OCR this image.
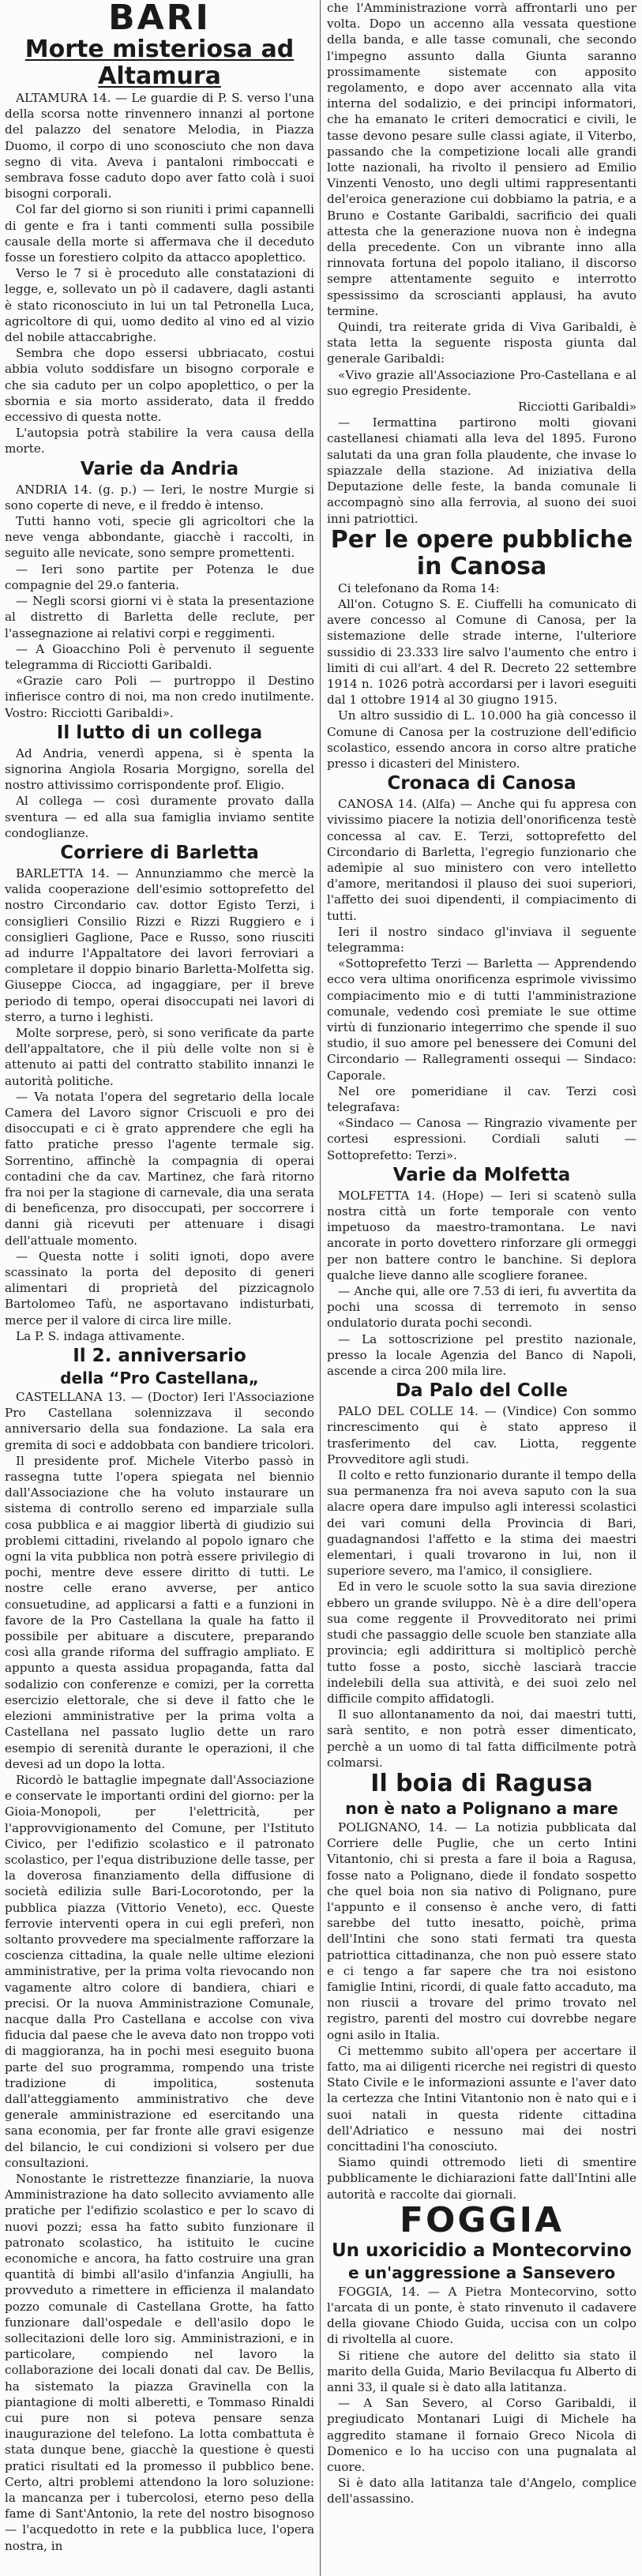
BARI
Morte misteriosa ad Altamura

ALTAMURA 14. — Le guardie di P. S. verso l'una della scorsa notte rinvennero innanzi al portone del palazzo del senatore Melodia, in Piazza Duomo, il corpo di uno sconosciuto che non dava segno di vita. Aveva i pantaloni rimboccati e sembrava fosse caduto dopo aver fatto colà i suoi bisogni corporali.

Col far del giorno si son riuniti i primi capannelli di gente e fra i tanti commenti sulla possibile causale della morte si affermava che il deceduto fosse un forestiero colpito da attacco apoplettico.

Verso le 7 si è proceduto alle constatazioni di legge, e, sollevato un pò il cadavere, dagli astanti è stato riconosciuto in lui un tal Petronella Luca, agricoltore di qui, uomo dedito al vino ed al vizio del nobile attaccabrighe.

Sembra che dopo essersi ubbriacato, costui abbia voluto soddisfare un bisogno corporale e che sia caduto per un colpo apoplettico, o per la sbornia e sia morto assiderato, data il freddo eccessivo di questa notte.

L'autopsia potrà stabilire la vera causa della morte.

Varie da Andria

ANDRIA 14. (g. p.) — Ieri, le nostre Murgie si sono coperte di neve, e il freddo è intenso.

Tutti hanno voti, specie gli agricoltori che la neve venga abbondante, giacchè i raccolti, in seguito alle nevicate, sono sempre promettenti.

— Ieri sono partite per Potenza le due compagnie del 29.o fanteria.

— Negli scorsi giorni vi è stata la presentazione al distretto di Barletta delle reclute, per l'assegnazione ai relativi corpi e reggimenti.

— A Gioacchino Poli è pervenuto il seguente telegramma di Ricciotti Garibaldi.

«Grazie caro Poli — purtroppo il Destino infierisce contro di noi, ma non credo inutilmente. Vostro: Ricciotti Garibaldi».

Il lutto di un collega

Ad Andria, venerdì appena, si è spenta la signorina Angiola Rosaria Morgigno, sorella del nostro attivissimo corrispondente prof. Eligio.

Al collega — così duramente provato dalla sventura — ed alla sua famiglia inviamo sentite condoglianze.

Corriere di Barletta

BARLETTA 14. — Annunziammo che mercè la valida cooperazione dell'esimio sottoprefetto del nostro Circondario cav. dottor Egisto Terzi, i consiglieri Consilio Rizzi e Rizzi Ruggiero e i consiglieri Gaglione, Pace e Russo, sono riusciti ad indurre l'Appaltatore dei lavori ferroviari a completare il doppio binario Barletta-Molfetta sig. Giuseppe Ciocca, ad ingaggiare, per il breve periodo di tempo, operai disoccupati nei lavori di sterro, a turno i leghisti.

Molte sorprese, però, si sono verificate da parte dell'appaltatore, che il più delle volte non si è attenuto ai patti del contratto stabilito innanzi le autorità politiche.

— Va notata l'opera del segretario della locale Camera del Lavoro signor Criscuoli e pro dei disoccupati e ci è grato apprendere che egli ha fatto pratiche presso l'agente termale sig. Sorrentino, affinchè la compagnia di operai contadini che da cav. Martinez, che farà ritorno fra noi per la stagione di carnevale, dia una serata di beneficenza, pro disoccupati, per soccorrere i danni già ricevuti per attenuare i disagi dell'attuale momento.

— Questa notte i soliti ignoti, dopo avere scassinato la porta del deposito di generi alimentari di proprietà del pizzicagnolo Bartolomeo Tafù, ne asportavano indisturbati, merce per il valore di circa lire mille.

La P. S. indaga attivamente.

Il 2. anniversario
della “Pro Castellana„

CASTELLANA 13. — (Doctor) Ieri l'Associazione Pro Castellana solennizzava il secondo anniversario della sua fondazione. La sala era gremita di soci e addobbata con bandiere tricolori.

Il presidente prof. Michele Viterbo passò in rassegna tutte l'opera spiegata nel biennio dall'Associazione che ha voluto instaurare un sistema di controllo sereno ed imparziale sulla cosa pubblica e ai maggior libertà di giudizio sui problemi cittadini, rivelando al popolo ignaro che ogni la vita pubblica non potrà essere privilegio di pochi, mentre deve essere diritto di tutti. Le nostre celle erano avverse, per antico consuetudine, ad applicarsi a fatti e a funzioni in favore de la Pro Castellana la quale ha fatto il possibile per abituare a discutere, preparando così alla grande riforma del suffragio ampliato. E appunto a questa assidua propaganda, fatta dal sodalizio con conferenze e comizi, per la corretta esercizio elettorale, che si deve il fatto che le elezioni amministrative per la prima volta a Castellana nel passato luglio dette un raro esempio di serenità durante le operazioni, il che devesi ad un dopo la lotta.

Ricordò le battaglie impegnate dall'Associazione e conservate le importanti ordini del giorno: per la Gioia-Monopoli, per l'elettricità, per l'approvvigionamento del Comune, per l'Istituto Civico, per l'edifizio scolastico e il patronato scolastico, per l'equa distribuzione delle tasse, per la doverosa finanziamento della diffusione di società edilizia sulle Bari-Locorotondo, per la pubblica piazza (Vittorio Veneto), ecc. Queste ferrovie interventi opera in cui egli preferì, non soltanto provvedere ma specialmente rafforzare la coscienza cittadina, la quale nelle ultime elezioni amministrative, per la prima volta rievocando non vagamente altro colore di bandiera, chiari e precisi. Or la nuova Amministrazione Comunale, nacque dalla Pro Castellana e accolse con viva fiducia dal paese che le aveva dato non troppo voti di maggioranza, ha in pochi mesi eseguito buona parte del suo programma, rompendo una triste tradizione di impolitica, sostenuta dall'atteggiamento amministrativo che deve generale amministrazione ed esercitando una sana economia, per far fronte alle gravi esigenze del bilancio, le cui condizioni si volsero per due consultazioni.

Nonostante le ristrettezze finanziarie, la nuova Amministrazione ha dato sollecito avviamento alle pratiche per l'edifizio scolastico e per lo scavo di nuovi pozzi; essa ha fatto subito funzionare il patronato scolastico, ha istituito le cucine economiche e ancora, ha fatto costruire una gran quantità di bimbi all'asilo d'infanzia Angiulli, ha provveduto a rimettere in efficienza il malandato pozzo comunale di Castellana Grotte, ha fatto funzionare dall'ospedale e dell'asilo dopo le sollecitazioni delle loro sig. Amministrazioni, e in particolare, compiendo nel lavoro la collaborazione dei locali donati dal cav. De Bellis, ha sistemato la piazza Gravinella con la piantagione di molti alberetti, e Tommaso Rinaldi cui pure non si poteva pensare senza inaugurazione del telefono. La lotta combattuta è stata dunque bene, giacchè la questione è questi pratici risultati ed la promesso il pubblico bene. Certo, altri problemi attendono la loro soluzione: la mancanza per i tubercolosi, eterno peso della fame di Sant'Antonio, la rete del nostro bisognoso — l'acquedotto in rete e la pubblica luce, l'opera nostra, in

che l'Amministrazione vorrà affrontarli uno per volta. Dopo un accenno alla vessata questione della banda, e alle tasse comunali, che secondo l'impegno assunto dalla Giunta saranno prossimamente sistemate con apposito regolamento, e dopo aver accennato alla vita interna del sodalizio, e dei principi informatori, che ha emanato le criteri democratici e civili, le tasse devono pesare sulle classi agiate, il Viterbo, passando che la competizione locali alle grandi lotte nazionali, ha rivolto il pensiero ad Emilio Vinzenti Venosto, uno degli ultimi rappresentanti del'eroica generazione cui dobbiamo la patria, e a Bruno e Costante Garibaldi, sacrificio dei quali attesta che la generazione nuova non è indegna della precedente. Con un vibrante inno alla rinnovata fortuna del popolo italiano, il discorso sempre attentamente seguito e interrotto spessissimo da scroscianti applausi, ha avuto termine.

Quindi, tra reiterate grida di Viva Garibaldi, è stata letta la seguente risposta giunta dal generale Garibaldi:

«Vivo grazie all'Associazione Pro-Castellana e al suo egregio Presidente.

Ricciotti Garibaldi»

— Iermattina partirono molti giovani castellanesi chiamati alla leva del 1895. Furono salutati da una gran folla plaudente, che invase lo spiazzale della stazione. Ad iniziativa della Deputazione delle feste, la banda comunale li accompagnò sino alla ferrovia, al suono dei suoi inni patriottici.

Per le opere pubbliche in Canosa

Ci telefonano da Roma 14:

All'on. Cotugno S. E. Ciuffelli ha comunicato di avere concesso al Comune di Canosa, per la sistemazione delle strade interne, l'ulteriore sussidio di 23.333 lire salvo l'aumento che entro i limiti di cui all'art. 4 del R. Decreto 22 settembre 1914 n. 1026 potrà accordarsi per i lavori eseguiti dal 1 ottobre 1914 al 30 giugno 1915.

Un altro sussidio di L. 10.000 ha già concesso il Comune di Canosa per la costruzione dell'edificio scolastico, essendo ancora in corso altre pratiche presso i dicasteri del Ministero.

Cronaca di Canosa

CANOSA 14. (Alfa) — Anche qui fu appresa con vivissimo piacere la notizia dell'onorificenza testè concessa al cav. E. Terzi, sottoprefetto del Circondario di Barletta, l'egregio funzionario che ademìpie al suo ministero con vero intelletto d'amore, meritandosi il plauso dei suoi superiori, l'affetto dei suoi dipendenti, il compiacimento di tutti.

Ieri il nostro sindaco gl'inviava il seguente telegramma:

«Sottoprefetto Terzi — Barletta — Apprendendo ecco vera ultima onorificenza esprimole vivissimo compiacimento mio e di tutti l'amministrazione comunale, vedendo così premiate le sue ottime virtù di funzionario integerrimo che spende il suo studio, il suo amore pel benessere dei Comuni del Circondario — Rallegramenti ossequi — Sindaco: Caporale.

Nel ore pomeridiane il cav. Terzi così telegrafava:

«Sindaco — Canosa — Ringrazio vivamente per cortesi espressioni. Cordiali saluti — Sottoprefetto: Terzi».

Varie da Molfetta

MOLFETTA 14. (Hope) — Ieri si scatenò sulla nostra città un forte temporale con vento impetuoso da maestro-tramontana. Le navi ancorate in porto dovettero rinforzare gli ormeggi per non battere contro le banchine. Si deplora qualche lieve danno alle scogliere foranee.

— Anche qui, alle ore 7.53 di ieri, fu avvertita da pochi una scossa di terremoto in senso ondulatorio durata pochi secondi.

— La sottoscrizione pel prestito nazionale, presso la locale Agenzia del Banco di Napoli, ascende a circa 200 mila lire.

Da Palo del Colle

PALO DEL COLLE 14. — (Vindice) Con sommo rincrescimento qui è stato appreso il trasferimento del cav. Liotta, reggente Provveditore agli studi.

Il colto e retto funzionario durante il tempo della sua permanenza fra noi aveva saputo con la sua alacre opera dare impulso agli interessi scolastici dei vari comuni della Provincia di Bari, guadagnandosi l'affetto e la stima dei maestri elementari, i quali trovarono in lui, non il superiore severo, ma l'amico, il consigliere.

Ed in vero le scuole sotto la sua savia direzione ebbero un grande sviluppo. Nè è a dire dell'opera sua come reggente il Provveditorato nei primi studi che passaggio delle scuole ben stanziate alla provincia; egli addirittura si moltiplicò perchè tutto fosse a posto, sicchè lasciarà traccie indelebili della sua attività, e dei suoi zelo nel difficile compito affidatogli.

Il suo allontanamento da noi, dai maestri tutti, sarà sentito, e non potrà esser dimenticato, perchè a un uomo di tal fatta difficilmente potrà colmarsi.

Il boia di Ragusa
non è nato a Polignano a mare

POLIGNANO, 14. — La notizia pubblicata dal Corriere delle Puglie, che un certo Intini Vitantonio, chi si presta a fare il boia a Ragusa, fosse nato a Polignano, diede il fondato sospetto che quel boia non sia nativo di Polignano, pure l'appunto e il consenso è anche vero, di fatti sarebbe del tutto inesatto, poichè, prima dell'Intini che sono stati fermati tra questa patriottica cittadinanza, che non può essere stato e ci tengo a far sapere che tra noi esistono famiglie Intini, ricordi, di quale fatto accaduto, ma non riuscii a trovare del primo trovato nel registro, parenti del mostro cui dovrebbe negare ogni asilo in Italia.

Ci mettemmo subito all'opera per accertare il fatto, ma ai diligenti ricerche nei registri di questo Stato Civile e le informazioni assunte e l'aver dato la certezza che Intini Vitantonio non è nato qui e i suoi natali in questa ridente cittadina dell'Adriatico e nessuno mai dei nostri concittadini l'ha conosciuto.

Siamo quindi ottremodo lieti di smentire pubblicamente le dichiarazioni fatte dall'Intini alle autorità e raccolte dai giornali.

FOGGIA
Un uxoricidio a Montecorvino
e un'aggressione a Sansevero

FOGGIA, 14. — A Pietra Montecorvino, sotto l'arcata di un ponte, è stato rinvenuto il cadavere della giovane Chiodo Guida, uccisa con un colpo di rivoltella al cuore.

Si ritiene che autore del delitto sia stato il marito della Guida, Mario Bevilacqua fu Alberto di anni 33, il quale si è dato alla latitanza.

— A San Severo, al Corso Garibaldi, il pregiudicato Montanari Luigi di Michele ha aggredito stamane il fornaio Greco Nicola di Domenico e lo ha ucciso con una pugnalata al cuore.

Si è dato alla latitanza tale d'Angelo, complice dell'assassino.
